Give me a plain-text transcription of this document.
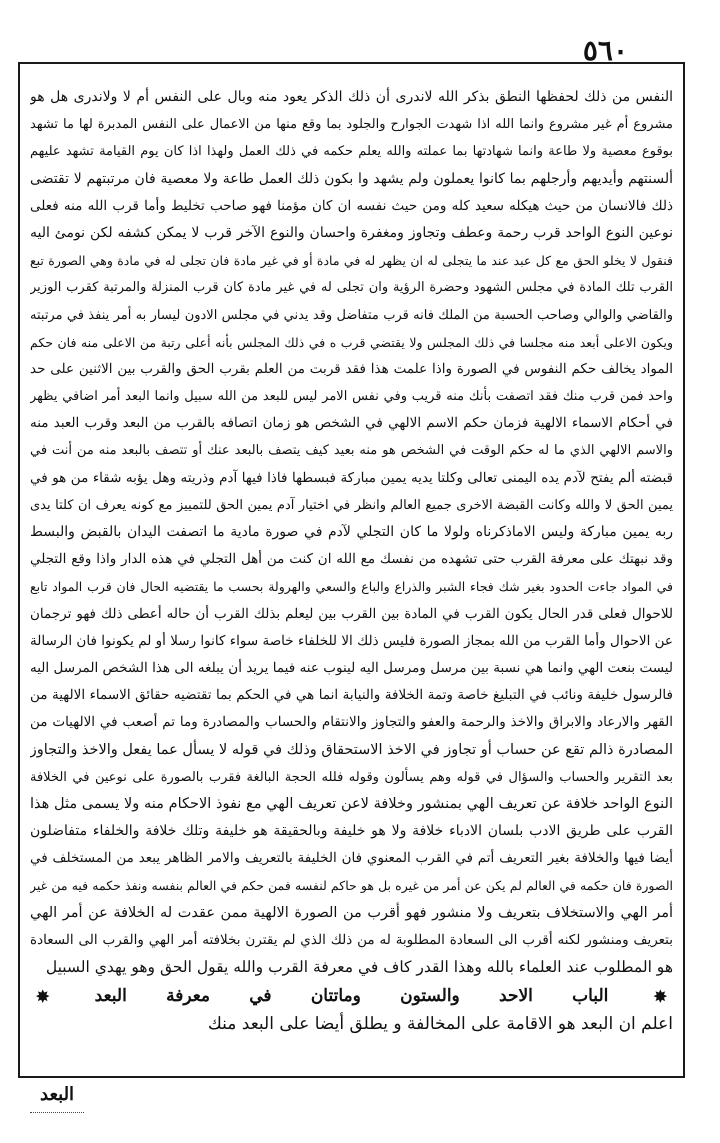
٥٦٠
النفس من ذلك لحفظها النطق بذكر الله لاندرى أن ذلك الذكر يعود منه وبال على النفس أم لا ولاندرى هل هو
مشروع أم غير مشروع وانما الله اذا شهدت الجوارح والجلود بما وقع منها من الاعمال على النفس المدبرة لها ما تشهد
بوقوع معصية ولا طاعة وانما شهادتها بما عملته والله يعلم حكمه في ذلك العمل ولهذا اذا كان يوم القيامة تشهد عليهم
ألسنتهم وأيديهم وأرجلهم بما كانوا يعملون ولم يشهد وا بكون ذلك العمل طاعة ولا معصية فان مرتبتهم لا تقتضى
ذلك فالانسان من حيث هيكله سعيد كله ومن حيث نفسه ان كان مؤمنا فهو صاحب تخليط وأما قرب الله منه فعلى
نوعين النوع الواحد قرب رحمة وعطف وتجاوز ومغفرة واحسان والنوع الآخر قرب لا يمكن كشفه لكن نومئ اليه
فنقول لا يخلو الحق مع كل عبد عند ما يتجلى له ان يظهر له في مادة أو في غير مادة فان تجلى له في مادة وهي الصورة تبع
القرب تلك المادة في مجلس الشهود وحضرة الرؤية وان تجلى له في غير مادة كان قرب المنزلة والمرتبة كقرب الوزير
والقاضي والوالي وصاحب الحسبة من الملك فانه قرب متفاضل وقد يدني في مجلس الادون ليسار به أمر ينفذ في مرتبته
ويكون الاعلى أبعد منه مجلسا في ذلك المجلس ولا يقتضي قرب ه في ذلك المجلس بأنه أعلى رتبة من الاعلى منه فان حكم
المواد يخالف حكم النفوس في الصورة واذا علمت هذا فقد قربت من العلم بقرب الحق والقرب بين الاثنين على حد
واحد فمن قرب منك فقد اتصفت بأنك منه قريب وفي نفس الامر ليس للبعد من الله سبيل وانما البعد أمر اضافي يظهر
في أحكام الاسماء الالهية فزمان حكم الاسم الالهي في الشخص هو زمان اتصافه بالقرب من البعد وقرب العبد منه
والاسم الالهي الذي ما له حكم الوقت في الشخص هو منه بعيد كيف يتصف بالبعد عنك أو تتصف بالبعد منه من أنت في
قبضته ألم يفتح لآدم يده اليمنى تعالى وكلتا يديه يمين مباركة فبسطها فاذا فيها آدم وذريته وهل يؤبه شقاء من هو في
يمين الحق لا والله وكانت القبضة الاخرى جميع العالم وانظر في اختيار آدم يمين الحق للتمييز مع كونه يعرف ان كلتا يدى
ربه يمين مباركة وليس الاماذكرناه ولولا ما كان التجلي لآدم في صورة مادية ما اتصفت اليدان بالقبض والبسط
وقد نبهتك على معرفة القرب حتى تشهده من نفسك مع الله ان كنت من أهل التجلي في هذه الدار واذا وقع التجلي
في المواد جاءت الحدود بغير شك فجاء الشبر والذراع والباع والسعي والهرولة بحسب ما يقتضيه الحال فان قرب المواد تابع
للاحوال فعلى قدر الحال يكون القرب في المادة بين القرب بين ليعلم بذلك القرب أن حاله أعطى ذلك فهو ترجمان
عن الاحوال وأما القرب من الله بمجاز الصورة فليس ذلك الا للخلفاء خاصة سواء كانوا رسلا أو لم يكونوا فان الرسالة
ليست بنعت الهي وانما هي نسبة بين مرسل ومرسل اليه لينوب عنه فيما يريد أن يبلغه الى هذا الشخص المرسل اليه
فالرسول خليفة ونائب في التبليغ خاصة وتمة الخلافة والنيابة انما هي في الحكم بما تقتضيه حقائق الاسماء الالهية من
القهر والارعاد والابراق والاخذ والرحمة والعفو والتجاوز والانتقام والحساب والمصادرة وما تم أصعب في الالهيات من
المصادرة ذالم تقع عن حساب أو تجاوز في الاخذ الاستحقاق وذلك في قوله لا يسأل عما يفعل والاخذ والتجاوز
بعد التقرير والحساب والسؤال في قوله وهم يسألون وقوله فلله الحجة البالغة فقرب بالصورة على نوعين في الخلافة
النوع الواحد خلافة عن تعريف الهي بمنشور وخلافة لاعن تعريف الهي مع نفوذ الاحكام منه ولا يسمى مثل هذا
القرب على طريق الادب بلسان الادباء خلافة ولا هو خليفة وبالحقيقة هو خليفة وتلك خلافة والخلفاء متفاضلون
أيضا فيها والخلافة بغير التعريف أتم في القرب المعنوي فان الخليفة بالتعريف والامر الظاهر يبعد من المستخلف في
الصورة فان حكمه في العالم لم يكن عن أمر من غيره بل هو حاكم لنفسه فمن حكم في العالم بنفسه ونفذ حكمه فيه من غير
أمر الهي والاستخلاف بتعريف ولا منشور فهو أقرب من الصورة الالهية ممن عقدت له الخلافة عن أمر الهي
بتعريف ومنشور لكنه أقرب الى السعادة المطلوبة له من ذلك الذي لم يقترن بخلافته أمر الهي والقرب الى السعادة
هو المطلوب عند العلماء بالله وهذا القدر كاف في معرفة القرب والله يقول الحق وهو يهدي السبيل
✸ الباب الاحد والستون وماتتان في معرفة البعد ✸
اعلم ان البعد هو الاقامة على المخالفة و يطلق أيضا على البعد منك
البعد
